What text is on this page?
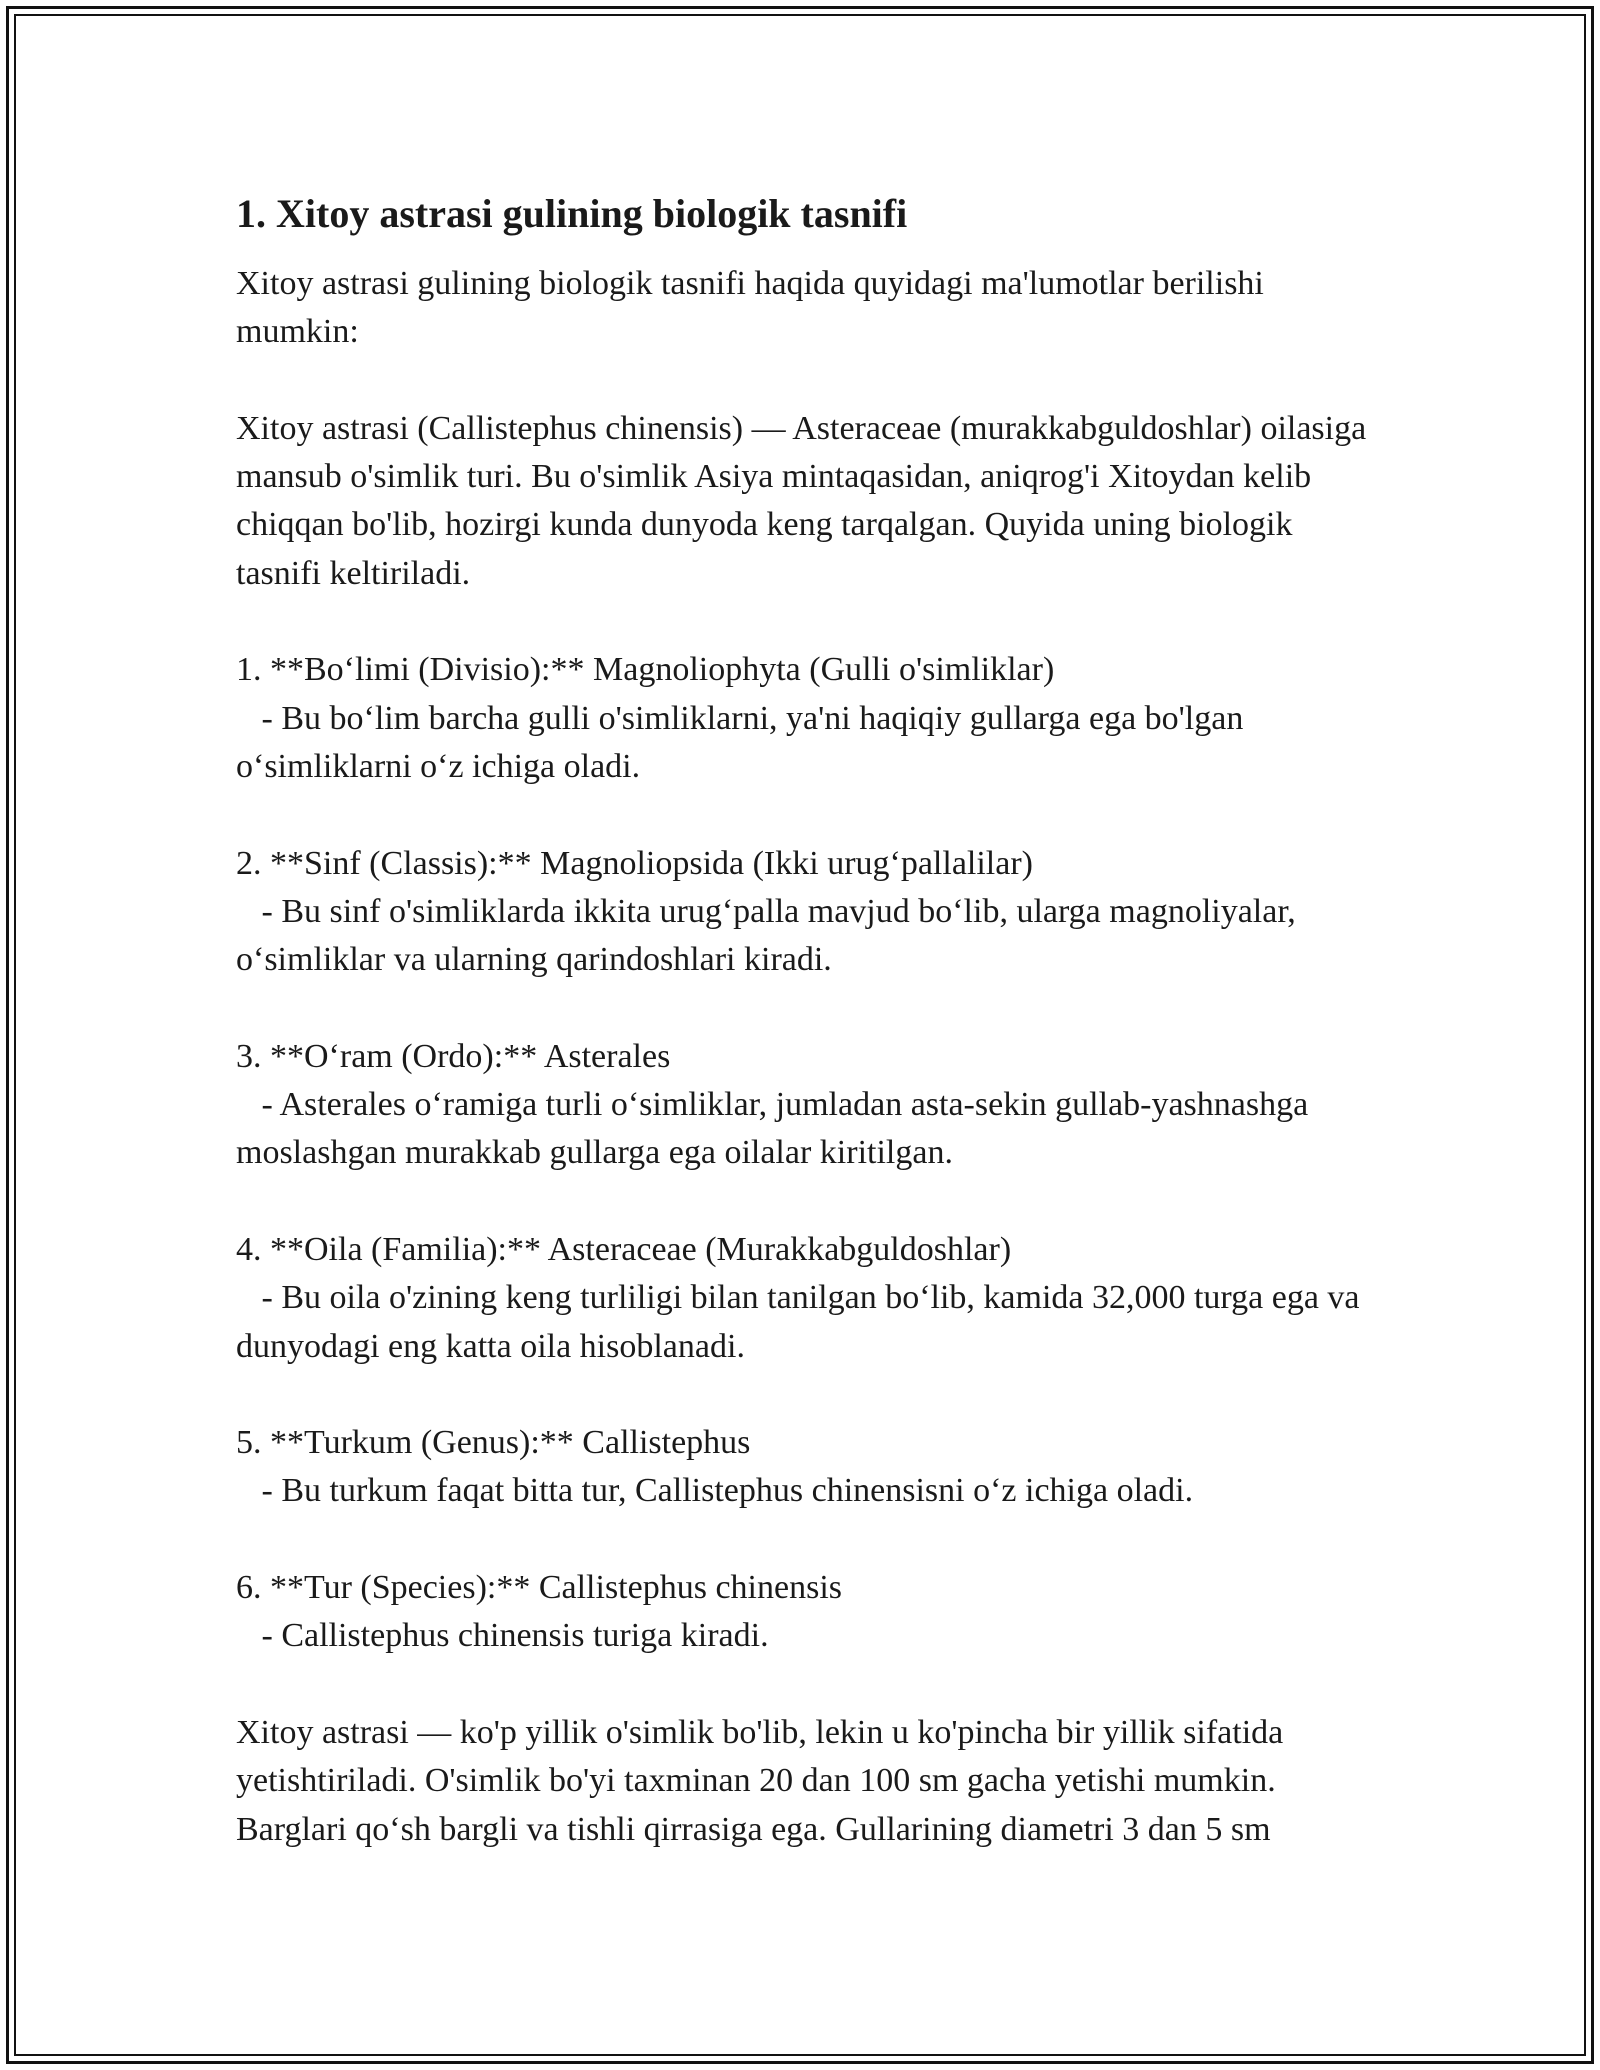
1. Xitoy astrasi gulining biologik tasnifi

Xitoy astrasi gulining biologik tasnifi haqida quyidagi ma'lumotlar berilishi mumkin:

Xitoy astrasi (Callistephus chinensis) — Asteraceae (murakkabguldoshlar) oilasiga mansub o'simlik turi. Bu o'simlik Asiya mintaqasidan, aniqrog'i Xitoydan kelib chiqqan bo'lib, hozirgi kunda dunyoda keng tarqalgan. Quyida uning biologik tasnifi keltiriladi.

1. **Bo‘limi (Divisio):** Magnoliophyta (Gulli o'simliklar)

- Bu bo‘lim barcha gulli o'simliklarni, ya'ni haqiqiy gullarga ega bo'lgan o‘simliklarni o‘z ichiga oladi.

2. **Sinf (Classis):** Magnoliopsida (Ikki urug‘pallalilar)

- Bu sinf o'simliklarda ikkita urug‘palla mavjud bo‘lib, ularga magnoliyalar, o‘simliklar va ularning qarindoshlari kiradi.

3. **O‘ram (Ordo):** Asterales

- Asterales o‘ramiga turli o‘simliklar, jumladan asta-sekin gullab-yashnashga moslashgan murakkab gullarga ega oilalar kiritilgan.

4. **Oila (Familia):** Asteraceae (Murakkabguldoshlar)

- Bu oila o'zining keng turliligi bilan tanilgan bo‘lib, kamida 32,000 turga ega va dunyodagi eng katta oila hisoblanadi.

5. **Turkum (Genus):** Callistephus

- Bu turkum faqat bitta tur, Callistephus chinensisni o‘z ichiga oladi.

6. **Tur (Species):** Callistephus chinensis

- Callistephus chinensis turiga kiradi.

Xitoy astrasi — ko'p yillik o'simlik bo'lib, lekin u ko'pincha bir yillik sifatida yetishtiriladi. O'simlik bo'yi taxminan 20 dan 100 sm gacha yetishi mumkin. Barglari qo‘sh bargli va tishli qirrasiga ega. Gullarining diametri 3 dan 5 sm
